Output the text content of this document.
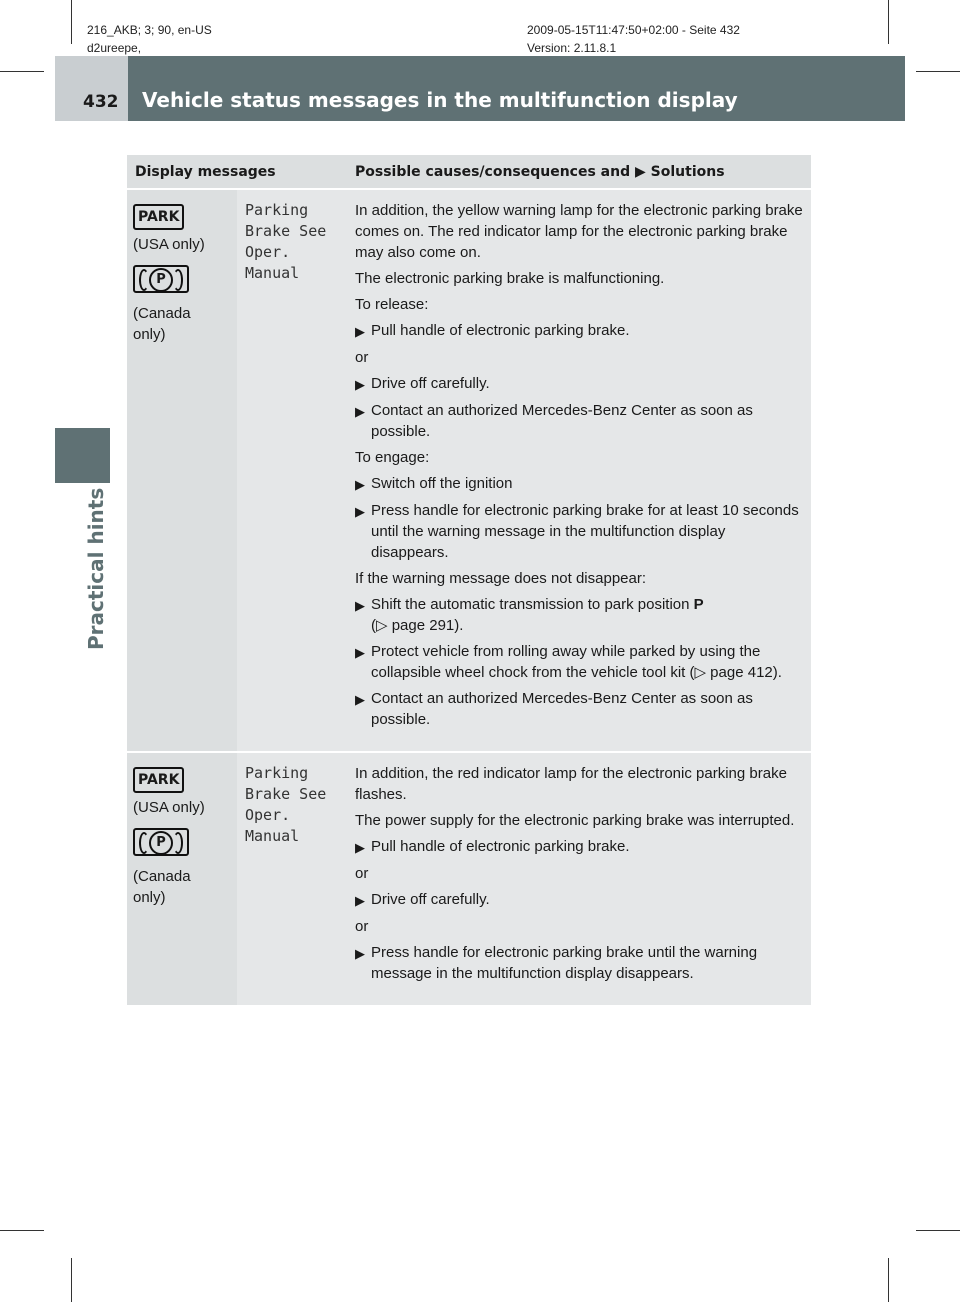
216_AKB; 3; 90, en-US
d2ureepe,
2009-05-15T11:47:50+02:00 - Seite 432
Version: 2.11.8.1
432 Vehicle status messages in the multifunction display
Practical hints
Display messages	Possible causes/consequences and ▶ Solutions
PARK
(USA only)
P
(Canada
only)
Parking
Brake See
Oper.
Manual

In addition, the yellow warning lamp for the electronic parking brake comes on. The red indicator lamp for the electronic parking brake may also come on.

The electronic parking brake is malfunctioning.

To release:

▶ Pull handle of electronic parking brake.

or

▶ Drive off carefully.
▶ Contact an authorized Mercedes-Benz Center as soon as possible.

To engage:

▶ Switch off the ignition
▶ Press handle for electronic parking brake for at least 10 seconds until the warning message in the multifunction display disappears.

If the warning message does not disappear:

▶ Shift the automatic transmission to park position P
(▷ page 291).
▶ Protect vehicle from rolling away while parked by using the collapsible wheel chock from the vehicle tool kit (▷ page 412).
▶ Contact an authorized Mercedes-Benz Center as soon as possible.
PARK
(USA only)
P
(Canada
only)
Parking
Brake See
Oper.
Manual

In addition, the red indicator lamp for the electronic parking brake flashes.

The power supply for the electronic parking brake was interrupted.

▶ Pull handle of electronic parking brake.

or

▶ Drive off carefully.

or

▶ Press handle for electronic parking brake until the warning message in the multifunction display disappears.
